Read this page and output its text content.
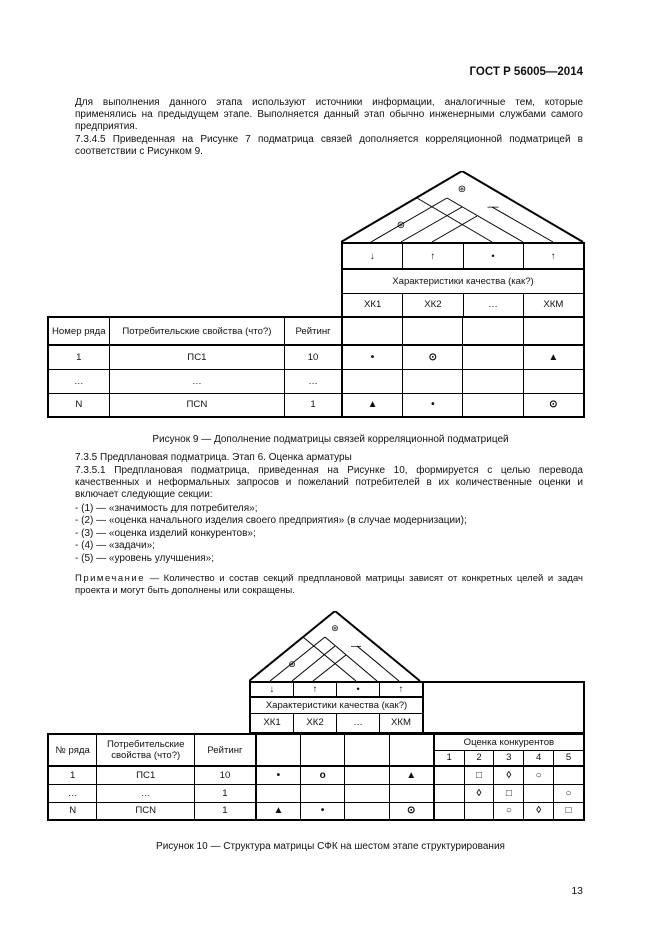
ГОСТ Р 56005—2014
Для выполнения данного этапа используют источники информации, аналогичные тем, которые применялись на предыдущем этапе. Выполняется данный этап обычно инженерными службами самого предприятия.
7.3.4.5 Приведенная на Рисунке 7 подматрица связей дополняется корреляционной подматрицей в соответствии с Рисунком 9.
⊛
—
⊛
↓	↑	•	↑
Характеристики качества (как?)			
ХК1	ХК2	…	ХКМ
Номер ряда	Потребительские свойства (что?)	Рейтинг				
1	ПС1	10	•	⊙		▲
…	…	…				
N	ПСN	1	▲	•		⊙
Рисунок 9 — Дополнение подматрицы связей корреляционной подматрицей
7.3.5 Предплановая подматрица. Этап 6. Оценка арматуры
7.3.5.1 Предплановая подматрица, приведенная на Рисунке 10, формируется с целью перевода качественных и неформальных запросов и пожеланий потребителей в их количественные оценки и включает следующие секции:
- (1) — «значимость для потребителя»;
- (2) — «оценка начального изделия своего предприятия» (в случае модернизации);
- (3) — «оценка изделий конкурентов»;
- (4) — «задачи»;
- (5) — «уровень улучшения»;
Примечание — Количество и состав секций предплановой матрицы зависят от конкретных целей и задач проекта и могут быть дополнены или сокращены.
⊛
—
⊛
↓	↑	•	↑	
Характеристики качества (как?)				
ХК1	ХК2	…	ХКМ	
№ ряда	Потребительские свойства (что?)	Рейтинг					Оценка конкурентов				
							1	2	3	4	5
1	ПС1	10	•	o		▲		□	◊	○	
…	…	1						◊	□		○
N	ПСN	1	▲	•		⊙			○	◊	□
Рисунок 10 — Структура матрицы СФК на шестом этапе структурирования
13
